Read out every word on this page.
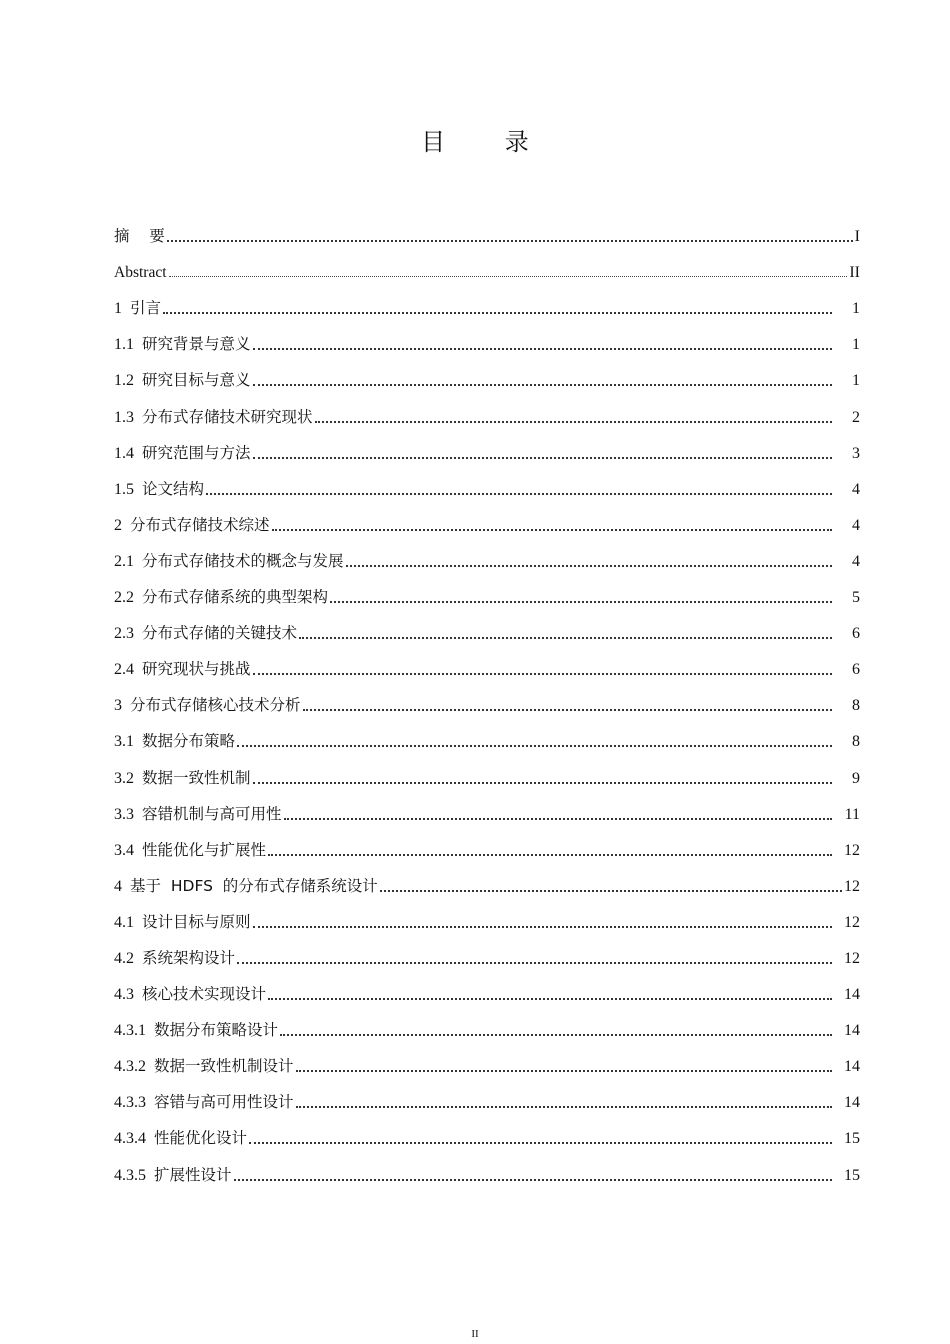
目 录
摘    要	I
Abstract	II
1 引言	1
1.1 研究背景与意义	1
1.2 研究目标与意义	1
1.3 分布式存储技术研究现状	2
1.4 研究范围与方法	3
1.5 论文结构	4
2 分布式存储技术综述	4
2.1 分布式存储技术的概念与发展	4
2.2 分布式存储系统的典型架构	5
2.3 分布式存储的关键技术	6
2.4 研究现状与挑战	6
3 分布式存储核心技术分析	8
3.1 数据分布策略	8
3.2 数据一致性机制	9
3.3 容错机制与高可用性	11
3.4 性能优化与扩展性	12
4 基于  HDFS  的分布式存储系统设计	12
4.1 设计目标与原则	12
4.2 系统架构设计	12
4.3 核心技术实现设计	14
4.3.1 数据分布策略设计	14
4.3.2 数据一致性机制设计	14
4.3.3 容错与高可用性设计	14
4.3.4 性能优化设计	15
4.3.5 扩展性设计	15
II
